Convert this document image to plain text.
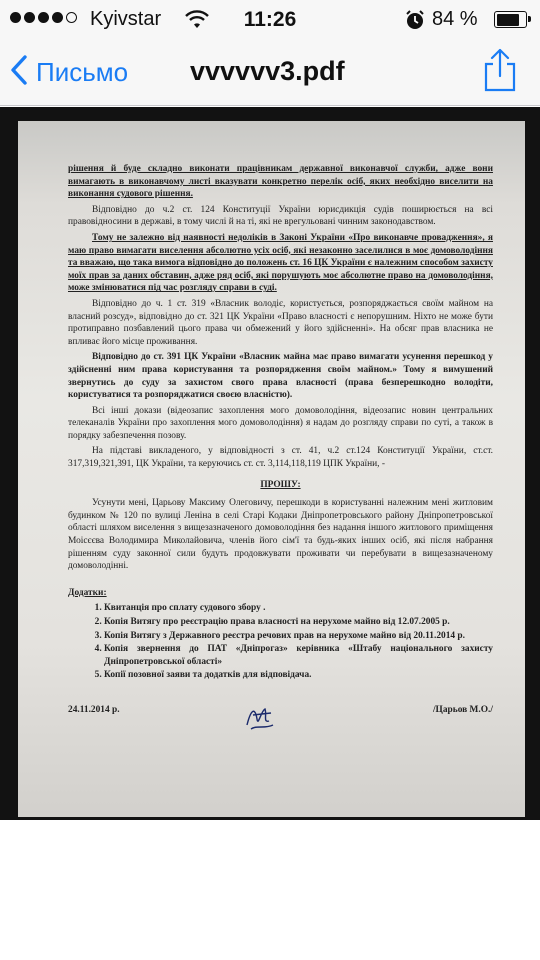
Kyivstar	11:26	84 %
Письмо vvvvvv3.pdf

рішення й буде складно виконати працівникам державної виконавчої служби, адже вони вимагають в виконавчому листі вказувати конкретно перелік осіб, яких необхідно виселити на виконання судового рішення.

Відповідно до ч.2 ст. 124 Конституції України юрисдикція судів поширюється на всі правовідносини в державі, в тому числі й на ті, які не врегульовані чинним законодавством.

Тому не залежно від наявності недоліків в Законі України «Про виконавче провадження», я маю право вимагати виселення абсолютно усіх осіб, які незаконно заселилися в моє домоволодіння та вважаю, що така вимога відповідно до положень ст. 16 ЦК України є належним способом захисту моїх прав за даних обставин, адже ряд осіб, які порушують моє абсолютне право на домоволодіння, може змінюватися під час розгляду справи в суді.

Відповідно до ч. 1 ст. 319 «Власник володіє, користується, розпоряджається своїм майном на власний розсуд», відповідно до ст. 321 ЦК України «Право власності є непорушним. Ніхто не може бути протиправно позбавлений цього права чи обмежений у його здійсненні». На обсяг прав власника не впливає його місце проживання.

Відповідно до ст. 391 ЦК України «Власник майна має право вимагати усунення перешкод у здійсненні ним права користування та розпорядження своїм майном.» Тому я вимушений звернутись до суду за захистом свого права власності (права безперешкодно володіти, користуватися та розпоряджатися своєю власністю).

Всі інші докази (відеозапис захоплення мого домоволодіння, відеозапис новин центральних телеканалів України про захоплення мого домоволодіння) я надам до розгляду справи по суті, а також в порядку забезпечення позову.

На підставі викладеного, у відповідності з ст. 41, ч.2 ст.124 Конституції України, ст.ст. 317,319,321,391, ЦК України, та керуючись ст. ст. 3,114,118,119 ЦПК України, -

ПРОШУ:

Усунути мені, Царьову Максиму Олеговичу, перешкоди в користуванні належним мені житловим будинком № 120 по вулиці Леніна в селі Старі Кодаки Дніпропетровського району Дніпропетровської області шляхом виселення з вищезазначеного домоволодіння без надання іншого житлового приміщення Моісєєва Володимира Миколайовича, членів його сім'ї та будь-яких інших осіб, які після набрання рішенням суду законної сили будуть продовжувати проживати чи перебувати в вищезазначеному домоволодінні.

Додатки:

1. Квитанція про сплату судового збору .
2. Копія Витягу про реєстрацію права власності на нерухоме майно від 12.07.2005 р.
3. Копія Витягу з Державного реєстра речових прав на нерухоме майно від 20.11.2014 р.
4. Копія звернення до ПАТ «Дніпрогаз» керівника «Штабу національного захисту Дніпропетровської області»
5. Копії позовної заяви та додатків для відповідача.
24.11.2014 р.	/Царьов М.О./
